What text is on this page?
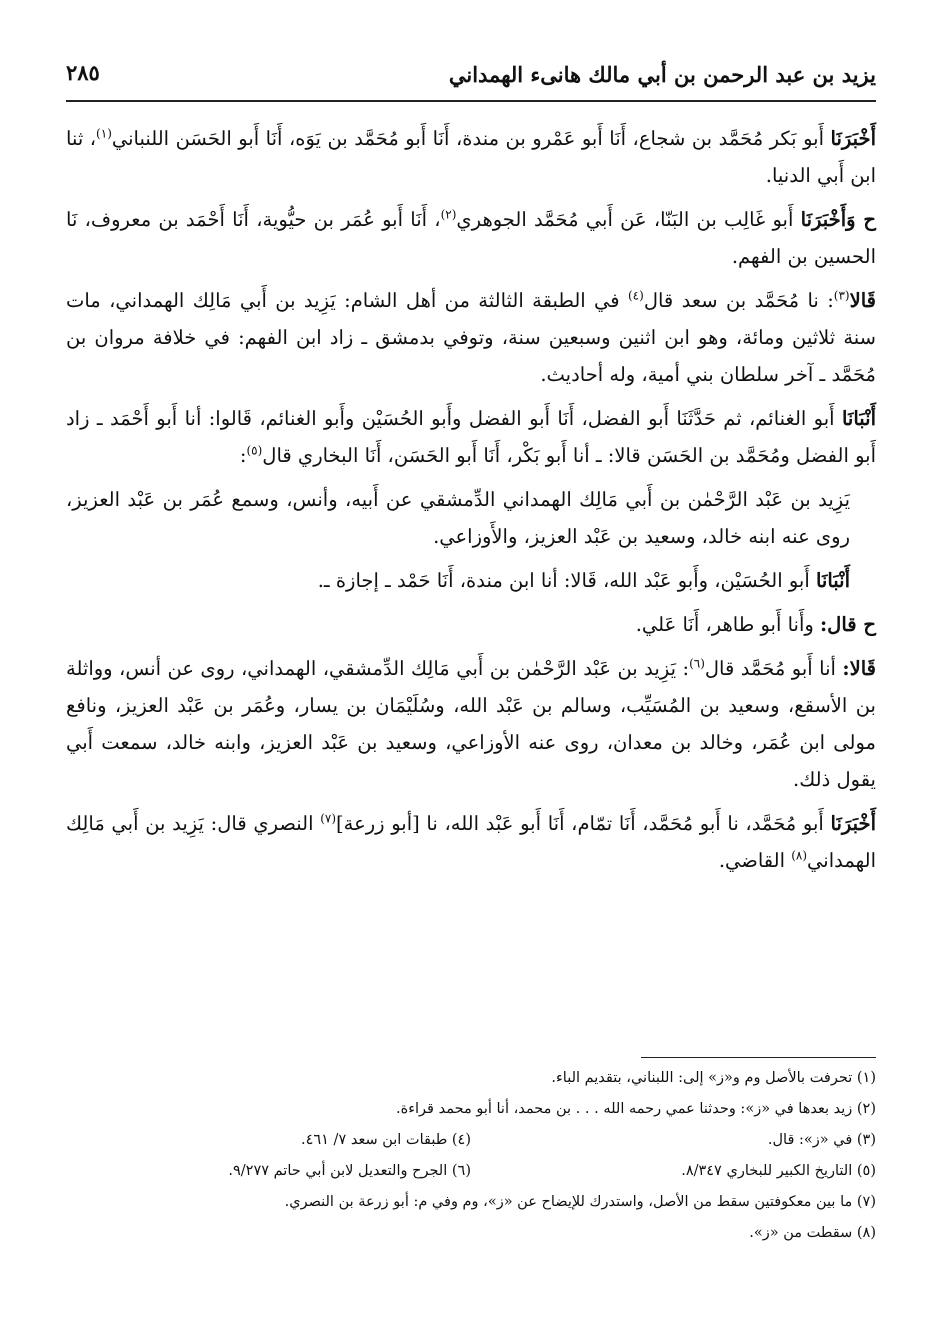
يزيد بن عبد الرحمن بن أبي مالك هانىء الهمداني
٢٨٥

أَخْبَرَنَا أَبو بَكر مُحَمَّد بن شجاع، أَنَا أَبو عَمْرو بن مندة، أَنَا أَبو مُحَمَّد بن يَوَه، أَنَا أَبو الحَسَن اللنباني$^{(١)}$، ثنا ابن أَبي الدنيا.

ح وَأَخْبَرَنَا أَبو غَالِب بن البَنّا، عَن أَبي مُحَمَّد الجوهري$^{(٢)}$، أَنَا أَبو عُمَر بن حيُّوية، أَنَا أَحْمَد بن معروف، نَا الحسين بن الفهم.

قَالا$^{(٣)}$: نا مُحَمَّد بن سعد قال$^{(٤)}$ في الطبقة الثالثة من أهل الشام: يَزِيد بن أَبي مَالِك الهمداني، مات سنة ثلاثين ومائة، وهو ابن اثنين وسبعين سنة، وتوفي بدمشق ـ زاد ابن الفهم: في خلافة مروان بن مُحَمَّد ـ آخر سلطان بني أمية، وله أحاديث.

أَنْبَانَا أَبو الغنائم، ثم حَدَّثَنَا أَبو الفضل، أَنَا أَبو الفضل وأَبو الحُسَيْن وأَبو الغنائم، قَالوا: أنا أَبو أَحْمَد ـ زاد أَبو الفضل ومُحَمَّد بن الحَسَن قالا: ـ أنا أَبو بَكْر، أَنَا أَبو الحَسَن، أَنَا البخاري قال$^{(٥)}$:

يَزِيد بن عَبْد الرَّحْمٰن بن أَبي مَالِك الهمداني الدِّمشقي عن أَبيه، وأنس، وسمع عُمَر بن عَبْد العزيز، روى عنه ابنه خالد، وسعيد بن عَبْد العزيز، والأَوزاعي.

أَنْبَانَا أَبو الحُسَيْن، وأَبو عَبْد الله، قَالا: أنا ابن مندة، أَنَا حَمْد ـ إجازة ـ.

ح قال: وأَنا أَبو طاهر، أَنَا عَلي.

قَالا: أنا أَبو مُحَمَّد قال$^{(٦)}$: يَزِيد بن عَبْد الرَّحْمٰن بن أَبي مَالِك الدِّمشقي، الهمداني، روى عن أنس، وواثلة بن الأسقع، وسعيد بن المُسَيِّب، وسالم بن عَبْد الله، وسُلَيْمَان بن يسار، وعُمَر بن عَبْد العزيز، ونافع مولى ابن عُمَر، وخالد بن معدان، روى عنه الأوزاعي، وسعيد بن عَبْد العزيز، وابنه خالد، سمعت أَبي يقول ذلك.

أَخْبَرَنَا أَبو مُحَمَّد، نا أَبو مُحَمَّد، أَنَا تمّام، أَنَا أَبو عَبْد الله، نا [أبو زرعة]$^{(٧)}$ النصري قال: يَزِيد بن أَبي مَالِك الهمداني$^{(٨)}$ القاضي.

(١) تحرفت بالأصل وم و«ز» إلى: اللبناني، بتقديم الباء.
(٢) زيد بعدها في «ز»: وحدثنا عمي رحمه الله . . . بن محمد، أنا أبو محمد قراءة.
(٣) في «ز»: قال.
(٤) طبقات ابن سعد ٧/ ٤٦١.
(٥) التاريخ الكبير للبخاري ٨/٣٤٧.
(٦) الجرح والتعديل لابن أبي حاتم ٩/٢٧٧.
(٧) ما بين معكوفتين سقط من الأصل، واستدرك للإيضاح عن «ز»، وم وفي م: أبو زرعة بن النصري.
(٨) سقطت من «ز».
